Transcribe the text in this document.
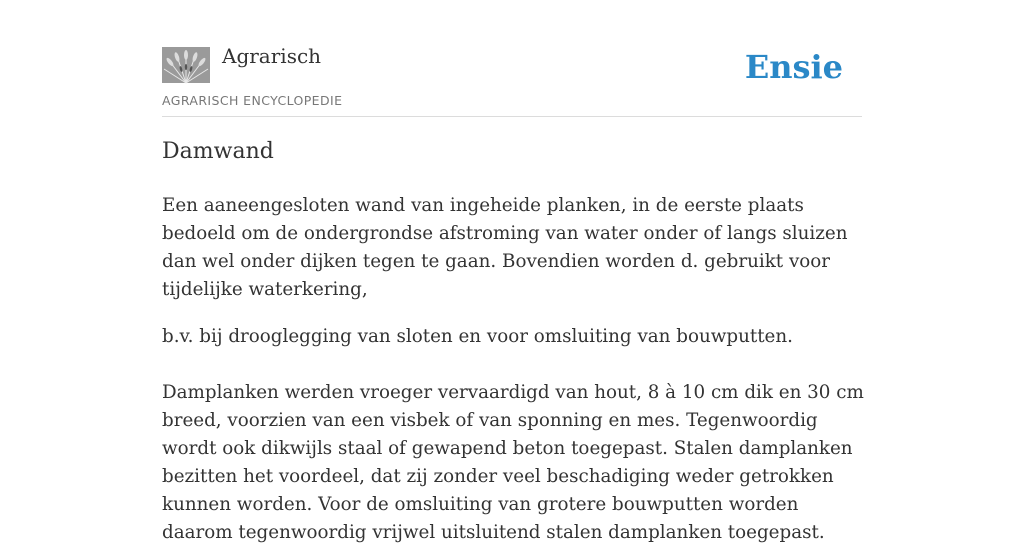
Agrarisch
AGRARISCH ENCYCLOPEDIE
Ensie
Damwand

Een aaneengesloten wand van ingeheide planken, in de eerste plaats bedoeld om de ondergrondse afstroming van water onder of langs sluizen dan wel onder dijken tegen te gaan. Bovendien worden d. gebruikt voor tijdelijke waterkering,

b.v. bij drooglegging van sloten en voor omsluiting van bouwputten.

Damplanken werden vroeger vervaardigd van hout, 8 à 10 cm dik en 30 cm breed, voorzien van een visbek of van sponning en mes. Tegenwoordig wordt ook dikwijls staal of gewapend beton toegepast. Stalen damplanken bezitten het voordeel, dat zij zonder veel beschadiging weder getrokken kunnen worden. Voor de omsluiting van grotere bouwputten worden daarom tegenwoordig vrijwel uitsluitend stalen damplanken toegepast.
